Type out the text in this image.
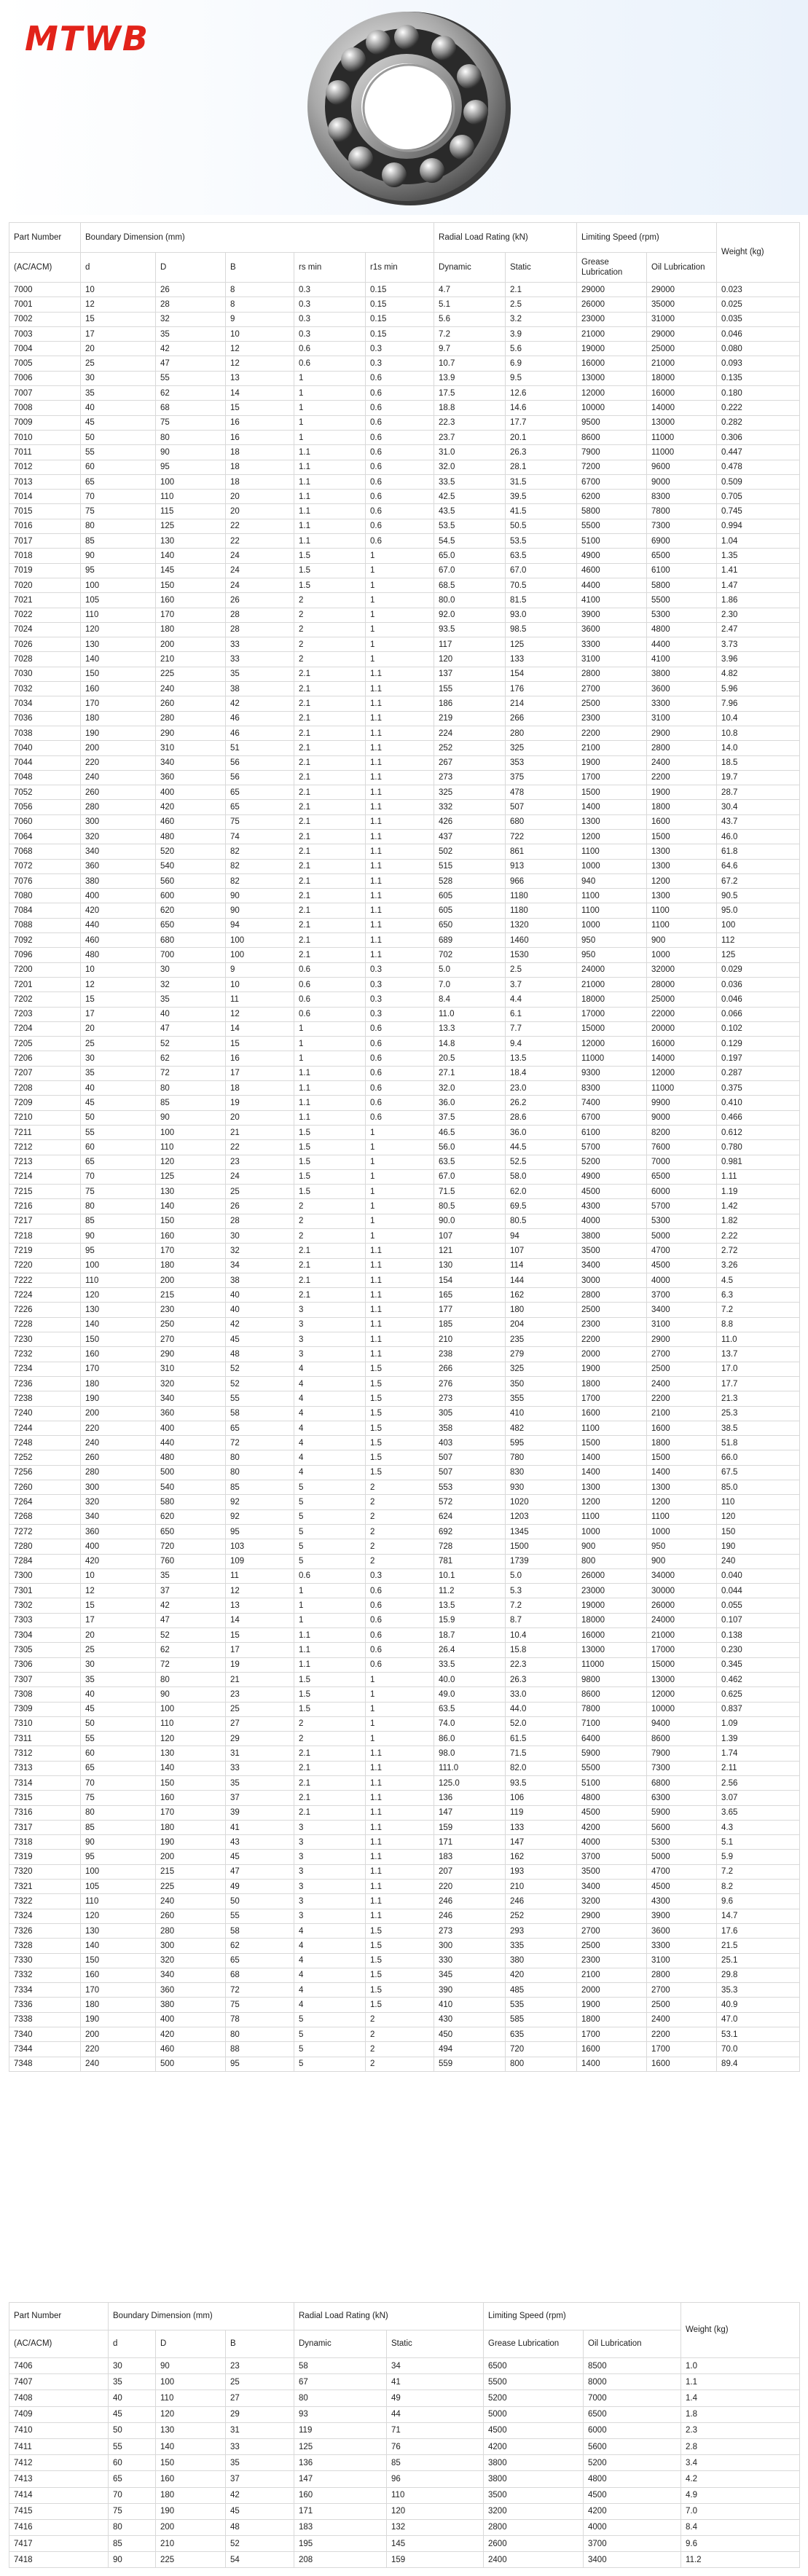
MTWB
Part Number	Boundary Dimension (mm)					Radial Load Rating (kN)		Limiting Speed (rpm)		Weight (kg)
(AC/ACM)	d	D	B	rs min	r1s min	Dynamic	Static	Grease Lubrication	Oil Lubrication	
7000	10	26	8	0.3	0.15	4.7	2.1	29000	29000	0.023
7001	12	28	8	0.3	0.15	5.1	2.5	26000	35000	0.025
7002	15	32	9	0.3	0.15	5.6	3.2	23000	31000	0.035
7003	17	35	10	0.3	0.15	7.2	3.9	21000	29000	0.046
7004	20	42	12	0.6	0.3	9.7	5.6	19000	25000	0.080
7005	25	47	12	0.6	0.3	10.7	6.9	16000	21000	0.093
7006	30	55	13	1	0.6	13.9	9.5	13000	18000	0.135
7007	35	62	14	1	0.6	17.5	12.6	12000	16000	0.180
7008	40	68	15	1	0.6	18.8	14.6	10000	14000	0.222
7009	45	75	16	1	0.6	22.3	17.7	9500	13000	0.282
7010	50	80	16	1	0.6	23.7	20.1	8600	11000	0.306
7011	55	90	18	1.1	0.6	31.0	26.3	7900	11000	0.447
7012	60	95	18	1.1	0.6	32.0	28.1	7200	9600	0.478
7013	65	100	18	1.1	0.6	33.5	31.5	6700	9000	0.509
7014	70	110	20	1.1	0.6	42.5	39.5	6200	8300	0.705
7015	75	115	20	1.1	0.6	43.5	41.5	5800	7800	0.745
7016	80	125	22	1.1	0.6	53.5	50.5	5500	7300	0.994
7017	85	130	22	1.1	0.6	54.5	53.5	5100	6900	1.04
7018	90	140	24	1.5	1	65.0	63.5	4900	6500	1.35
7019	95	145	24	1.5	1	67.0	67.0	4600	6100	1.41
7020	100	150	24	1.5	1	68.5	70.5	4400	5800	1.47
7021	105	160	26	2	1	80.0	81.5	4100	5500	1.86
7022	110	170	28	2	1	92.0	93.0	3900	5300	2.30
7024	120	180	28	2	1	93.5	98.5	3600	4800	2.47
7026	130	200	33	2	1	117	125	3300	4400	3.73
7028	140	210	33	2	1	120	133	3100	4100	3.96
7030	150	225	35	2.1	1.1	137	154	2800	3800	4.82
7032	160	240	38	2.1	1.1	155	176	2700	3600	5.96
7034	170	260	42	2.1	1.1	186	214	2500	3300	7.96
7036	180	280	46	2.1	1.1	219	266	2300	3100	10.4
7038	190	290	46	2.1	1.1	224	280	2200	2900	10.8
7040	200	310	51	2.1	1.1	252	325	2100	2800	14.0
7044	220	340	56	2.1	1.1	267	353	1900	2400	18.5
7048	240	360	56	2.1	1.1	273	375	1700	2200	19.7
7052	260	400	65	2.1	1.1	325	478	1500	1900	28.7
7056	280	420	65	2.1	1.1	332	507	1400	1800	30.4
7060	300	460	75	2.1	1.1	426	680	1300	1600	43.7
7064	320	480	74	2.1	1.1	437	722	1200	1500	46.0
7068	340	520	82	2.1	1.1	502	861	1100	1300	61.8
7072	360	540	82	2.1	1.1	515	913	1000	1300	64.6
7076	380	560	82	2.1	1.1	528	966	940	1200	67.2
7080	400	600	90	2.1	1.1	605	1180	1100	1300	90.5
7084	420	620	90	2.1	1.1	605	1180	1100	1100	95.0
7088	440	650	94	2.1	1.1	650	1320	1000	1100	100
7092	460	680	100	2.1	1.1	689	1460	950	900	112
7096	480	700	100	2.1	1.1	702	1530	950	1000	125
7200	10	30	9	0.6	0.3	5.0	2.5	24000	32000	0.029
7201	12	32	10	0.6	0.3	7.0	3.7	21000	28000	0.036
7202	15	35	11	0.6	0.3	8.4	4.4	18000	25000	0.046
7203	17	40	12	0.6	0.3	11.0	6.1	17000	22000	0.066
7204	20	47	14	1	0.6	13.3	7.7	15000	20000	0.102
7205	25	52	15	1	0.6	14.8	9.4	12000	16000	0.129
7206	30	62	16	1	0.6	20.5	13.5	11000	14000	0.197
7207	35	72	17	1.1	0.6	27.1	18.4	9300	12000	0.287
7208	40	80	18	1.1	0.6	32.0	23.0	8300	11000	0.375
7209	45	85	19	1.1	0.6	36.0	26.2	7400	9900	0.410
7210	50	90	20	1.1	0.6	37.5	28.6	6700	9000	0.466
7211	55	100	21	1.5	1	46.5	36.0	6100	8200	0.612
7212	60	110	22	1.5	1	56.0	44.5	5700	7600	0.780
7213	65	120	23	1.5	1	63.5	52.5	5200	7000	0.981
7214	70	125	24	1.5	1	67.0	58.0	4900	6500	1.11
7215	75	130	25	1.5	1	71.5	62.0	4500	6000	1.19
7216	80	140	26	2	1	80.5	69.5	4300	5700	1.42
7217	85	150	28	2	1	90.0	80.5	4000	5300	1.82
7218	90	160	30	2	1	107	94	3800	5000	2.22
7219	95	170	32	2.1	1.1	121	107	3500	4700	2.72
7220	100	180	34	2.1	1.1	130	114	3400	4500	3.26
7222	110	200	38	2.1	1.1	154	144	3000	4000	4.5
7224	120	215	40	2.1	1.1	165	162	2800	3700	6.3
7226	130	230	40	3	1.1	177	180	2500	3400	7.2
7228	140	250	42	3	1.1	185	204	2300	3100	8.8
7230	150	270	45	3	1.1	210	235	2200	2900	11.0
7232	160	290	48	3	1.1	238	279	2000	2700	13.7
7234	170	310	52	4	1.5	266	325	1900	2500	17.0
7236	180	320	52	4	1.5	276	350	1800	2400	17.7
7238	190	340	55	4	1.5	273	355	1700	2200	21.3
7240	200	360	58	4	1.5	305	410	1600	2100	25.3
7244	220	400	65	4	1.5	358	482	1100	1600	38.5
7248	240	440	72	4	1.5	403	595	1500	1800	51.8
7252	260	480	80	4	1.5	507	780	1400	1500	66.0
7256	280	500	80	4	1.5	507	830	1400	1400	67.5
7260	300	540	85	5	2	553	930	1300	1300	85.0
7264	320	580	92	5	2	572	1020	1200	1200	110
7268	340	620	92	5	2	624	1203	1100	1100	120
7272	360	650	95	5	2	692	1345	1000	1000	150
7280	400	720	103	5	2	728	1500	900	950	190
7284	420	760	109	5	2	781	1739	800	900	240
7300	10	35	11	0.6	0.3	10.1	5.0	26000	34000	0.040
7301	12	37	12	1	0.6	11.2	5.3	23000	30000	0.044
7302	15	42	13	1	0.6	13.5	7.2	19000	26000	0.055
7303	17	47	14	1	0.6	15.9	8.7	18000	24000	0.107
7304	20	52	15	1.1	0.6	18.7	10.4	16000	21000	0.138
7305	25	62	17	1.1	0.6	26.4	15.8	13000	17000	0.230
7306	30	72	19	1.1	0.6	33.5	22.3	11000	15000	0.345
7307	35	80	21	1.5	1	40.0	26.3	9800	13000	0.462
7308	40	90	23	1.5	1	49.0	33.0	8600	12000	0.625
7309	45	100	25	1.5	1	63.5	44.0	7800	10000	0.837
7310	50	110	27	2	1	74.0	52.0	7100	9400	1.09
7311	55	120	29	2	1	86.0	61.5	6400	8600	1.39
7312	60	130	31	2.1	1.1	98.0	71.5	5900	7900	1.74
7313	65	140	33	2.1	1.1	111.0	82.0	5500	7300	2.11
7314	70	150	35	2.1	1.1	125.0	93.5	5100	6800	2.56
7315	75	160	37	2.1	1.1	136	106	4800	6300	3.07
7316	80	170	39	2.1	1.1	147	119	4500	5900	3.65
7317	85	180	41	3	1.1	159	133	4200	5600	4.3
7318	90	190	43	3	1.1	171	147	4000	5300	5.1
7319	95	200	45	3	1.1	183	162	3700	5000	5.9
7320	100	215	47	3	1.1	207	193	3500	4700	7.2
7321	105	225	49	3	1.1	220	210	3400	4500	8.2
7322	110	240	50	3	1.1	246	246	3200	4300	9.6
7324	120	260	55	3	1.1	246	252	2900	3900	14.7
7326	130	280	58	4	1.5	273	293	2700	3600	17.6
7328	140	300	62	4	1.5	300	335	2500	3300	21.5
7330	150	320	65	4	1.5	330	380	2300	3100	25.1
7332	160	340	68	4	1.5	345	420	2100	2800	29.8
7334	170	360	72	4	1.5	390	485	2000	2700	35.3
7336	180	380	75	4	1.5	410	535	1900	2500	40.9
7338	190	400	78	5	2	430	585	1800	2400	47.0
7340	200	420	80	5	2	450	635	1700	2200	53.1
7344	220	460	88	5	2	494	720	1600	1700	70.0
7348	240	500	95	5	2	559	800	1400	1600	89.4
Part Number	Boundary Dimension (mm)			Radial Load Rating (kN)		Limiting Speed (rpm)		Weight (kg)
(AC/ACM)	d	D	B	Dynamic	Static	Grease Lubrication	Oil Lubrication	
7406	30	90	23	58	34	6500	8500	1.0
7407	35	100	25	67	41	5500	8000	1.1
7408	40	110	27	80	49	5200	7000	1.4
7409	45	120	29	93	44	5000	6500	1.8
7410	50	130	31	119	71	4500	6000	2.3
7411	55	140	33	125	76	4200	5600	2.8
7412	60	150	35	136	85	3800	5200	3.4
7413	65	160	37	147	96	3800	4800	4.2
7414	70	180	42	160	110	3500	4500	4.9
7415	75	190	45	171	120	3200	4200	7.0
7416	80	200	48	183	132	2800	4000	8.4
7417	85	210	52	195	145	2600	3700	9.6
7418	90	225	54	208	159	2400	3400	11.2
